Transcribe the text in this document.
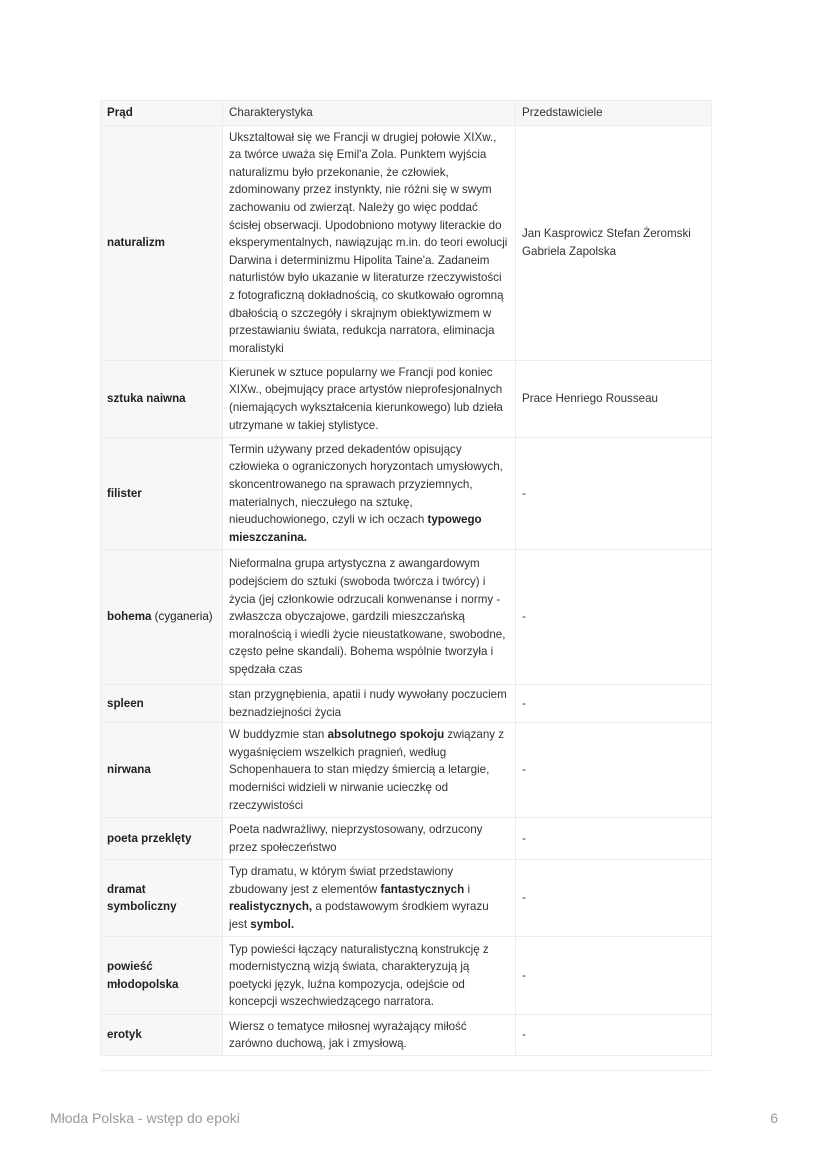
Prąd	Charakterystyka	Przedstawiciele
naturalizm	Uksztaltował się we Francji w drugiej połowie XIXw., za twórce uważa się Emil'a Zola. Punktem wyjścia naturalizmu było przekonanie, że człowiek, zdominowany przez instynkty, nie różni się w swym zachowaniu od zwierząt. Należy go więc poddać ścisłej obserwacji. Upodobniono motywy literackie do eksperymentalnych, nawiązując m.in. do teori ewolucji Darwina i determinizmu Hipolita Taine'a. Zadaneim naturlistów było ukazanie w literaturze rzeczywistości z fotograficzną dokładnością, co skutkowało ogromną dbałością o szczegóły i skrajnym obiektywizmem w przestawianiu świata, redukcja narratora, eliminacja moralistyki	Jan Kasprowicz Stefan Żeromski Gabriela Zapolska
sztuka naiwna	Kierunek w sztuce popularny we Francji pod koniec XIXw., obejmujący prace artystów nieprofesjonalnych (niemających wykształcenia kierunkowego) lub dzieła utrzymane w takiej stylistyce.	Prace Henriego Rousseau
filister	Termin używany przed dekadentów opisujący człowieka o ograniczonych horyzontach umysłowych, skoncentrowanego na sprawach przyziemnych, materialnych, nieczułego na sztukę, nieuduchowionego, czyli w ich oczach typowego mieszczanina.	-
bohema (cyganeria)	Nieformalna grupa artystyczna z awangardowym podejściem do sztuki (swoboda twórcza i twórcy) i życia (jej członkowie odrzucali konwenanse i normy - zwłaszcza obyczajowe, gardzili mieszczańską moralnością i wiedli życie nieustatkowane, swobodne, często pełne skandali). Bohema wspólnie tworzyła i spędzała czas	-
spleen	stan przygnębienia, apatii i nudy wywołany poczuciem beznadziejności życia	-
nirwana	W buddyzmie stan absolutnego spokoju związany z wygaśnięciem wszelkich pragnień, według Schopenhauera to stan między śmiercią a letargie, moderniści widzieli w nirwanie ucieczkę od rzeczywistości	-
poeta przeklęty	Poeta nadwrażliwy, nieprzystosowany, odrzucony przez społeczeństwo	-
dramat symboliczny	Typ dramatu, w którym świat przedstawiony zbudowany jest z elementów fantastycznych i realistycznych, a podstawowym środkiem wyrazu jest symbol.	-
powieść młodopolska	Typ powieści łączący naturalistyczną konstrukcję z modernistyczną wizją świata, charakteryzują ją poetycki język, luźna kompozycja, odejście od koncepcji wszechwiedzącego narratora.	-
erotyk	Wiersz o tematyce miłosnej wyrażający miłość zarówno duchową, jak i zmysłową.	-
Młoda Polska - wstęp do epoki	6
